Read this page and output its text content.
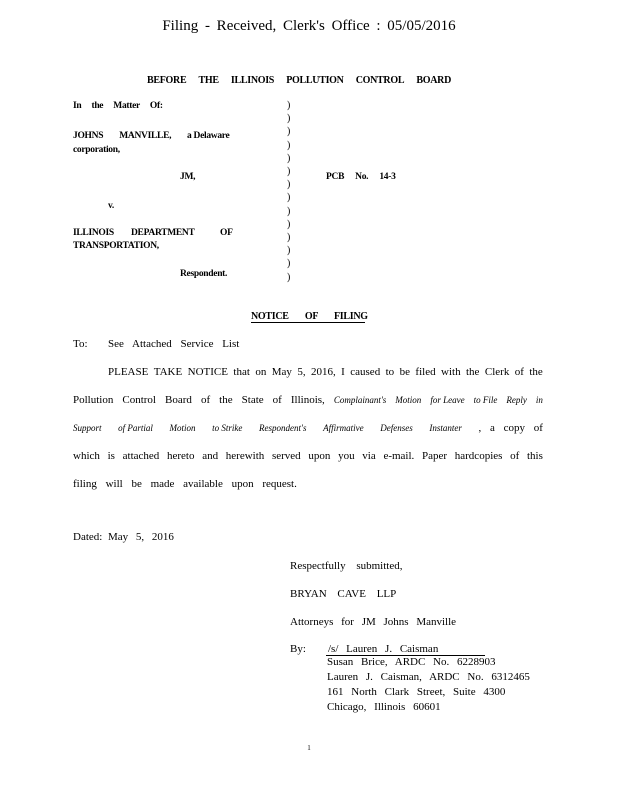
Filing - Received, Clerk's Office : 05/05/2016
BEFORE THE ILLINOIS POLLUTION CONTROL BOARD
In the Matter Of:
JOHNS MANVILLE, a Delaware
corporation,
JM,
v.
ILLINOIS DEPARTMENT	OF
TRANSPORTATION,
Respondent.
)
)
)
)
)
)
)
)
)
)
)
)
)
)
PCB No. 14-3
NOTICE OF FILING
To: See Attached Service List
PLEASE TAKE NOTICE that on May 5, 2016, I caused to be filed with the Clerk of the
Pollution Control Board of the State of Illinois, Complainant's Motion for Leave to File Reply in
Support of Partial Motion to Strike Respondent's Affirmative Defenses Instanter , a copy of
which is attached hereto and herewith served upon you via e-mail. Paper hardcopies of this
filing will be made available upon request.
Dated: May 5, 2016
Respectfully submitted,
BRYAN CAVE LLP
Attorneys for JM Johns Manville
By: /s/ Lauren J. Caisman
Susan Brice, ARDC No. 6228903
Lauren J. Caisman, ARDC No. 6312465
161 North Clark Street, Suite 4300
Chicago, Illinois 60601
1
